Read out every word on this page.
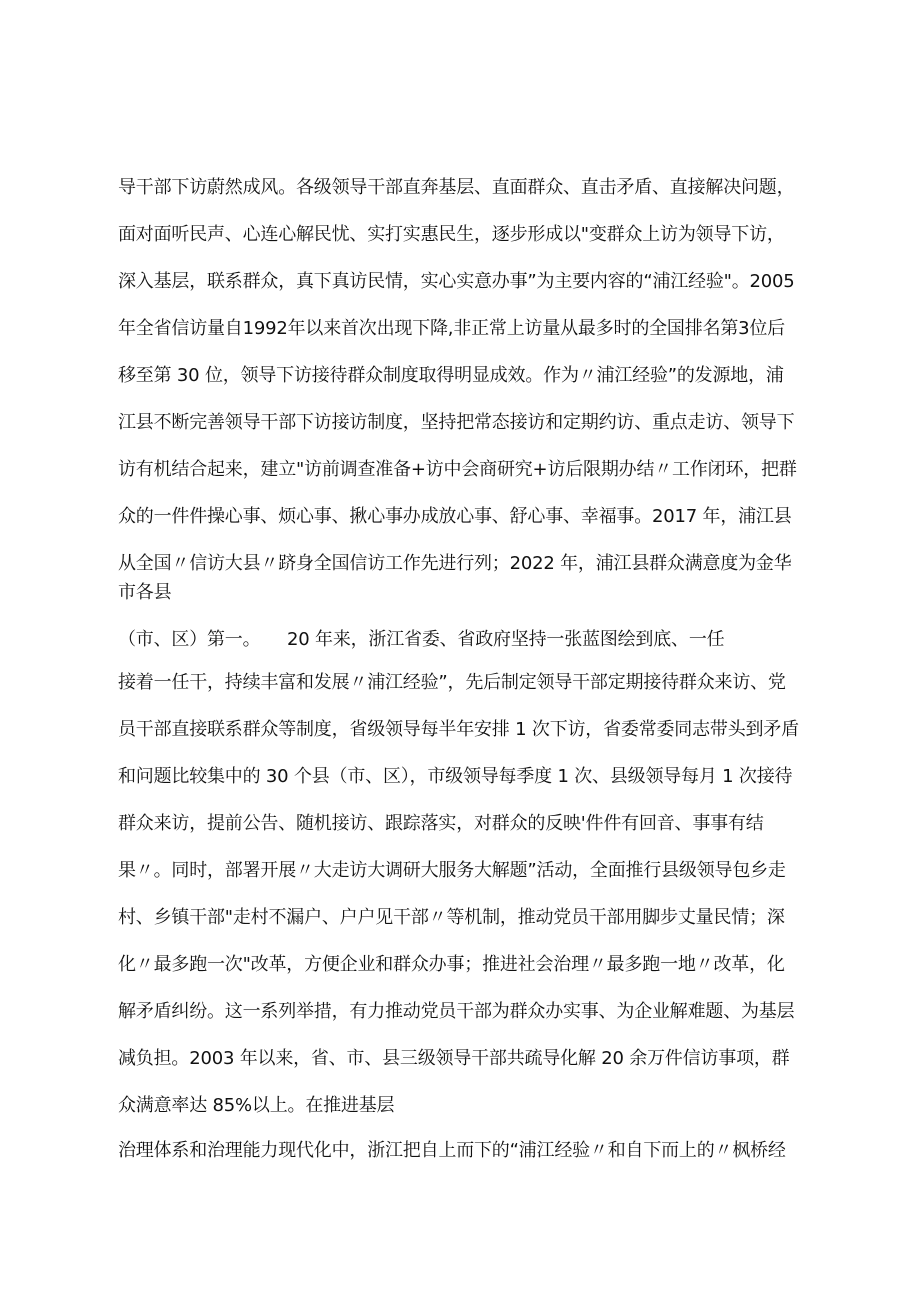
导干部下访蔚然成风。各级领导干部直奔基层、直面群众、直击矛盾、直接解决问题，
面对面听民声、心连心解民忧、实打实惠民生，逐步形成以"变群众上访为领导下访，
深入基层，联系群众，真下真访民情，实心实意办事”为主要内容的“浦江经验"。2005
年全省信访量自1992年以来首次出现下降,非正常上访量从最多时的全国排名第3位后
移至第 30 位，领导下访接待群众制度取得明显成效。作为〃浦江经验”的发源地，浦
江县不断完善领导干部下访接访制度，坚持把常态接访和定期约访、重点走访、领导下
访有机结合起来，建立"访前调查准备+访中会商研究+访后限期办结〃工作闭环，把群
众的一件件操心事、烦心事、揪心事办成放心事、舒心事、幸福事。2017 年，浦江县
从全国〃信访大县〃跻身全国信访工作先进行列；2022 年，浦江县群众满意度为金华
市各县
（市、区）第一。　　20 年来，浙江省委、省政府坚持一张蓝图绘到底、一任
接着一任干，持续丰富和发展〃浦江经验”，先后制定领导干部定期接待群众来访、党
员干部直接联系群众等制度，省级领导每半年安排 1 次下访，省委常委同志带头到矛盾
和问题比较集中的 30 个县（市、区），市级领导每季度 1 次、县级领导每月 1 次接待
群众来访，提前公告、随机接访、跟踪落实，对群众的反映'件件有回音、事事有结
果〃。同时，部署开展〃大走访大调研大服务大解题”活动，全面推行县级领导包乡走
村、乡镇干部"走村不漏户、户户见干部〃等机制，推动党员干部用脚步丈量民情；深
化〃最多跑一次"改革，方便企业和群众办事；推进社会治理〃最多跑一地〃改革，化
解矛盾纠纷。这一系列举措，有力推动党员干部为群众办实事、为企业解难题、为基层
减负担。2003 年以来，省、市、县三级领导干部共疏导化解 20 余万件信访事项，群
众满意率达 85%以上。在推进基层
治理体系和治理能力现代化中，浙江把自上而下的“浦江经验〃和自下而上的〃枫桥经
